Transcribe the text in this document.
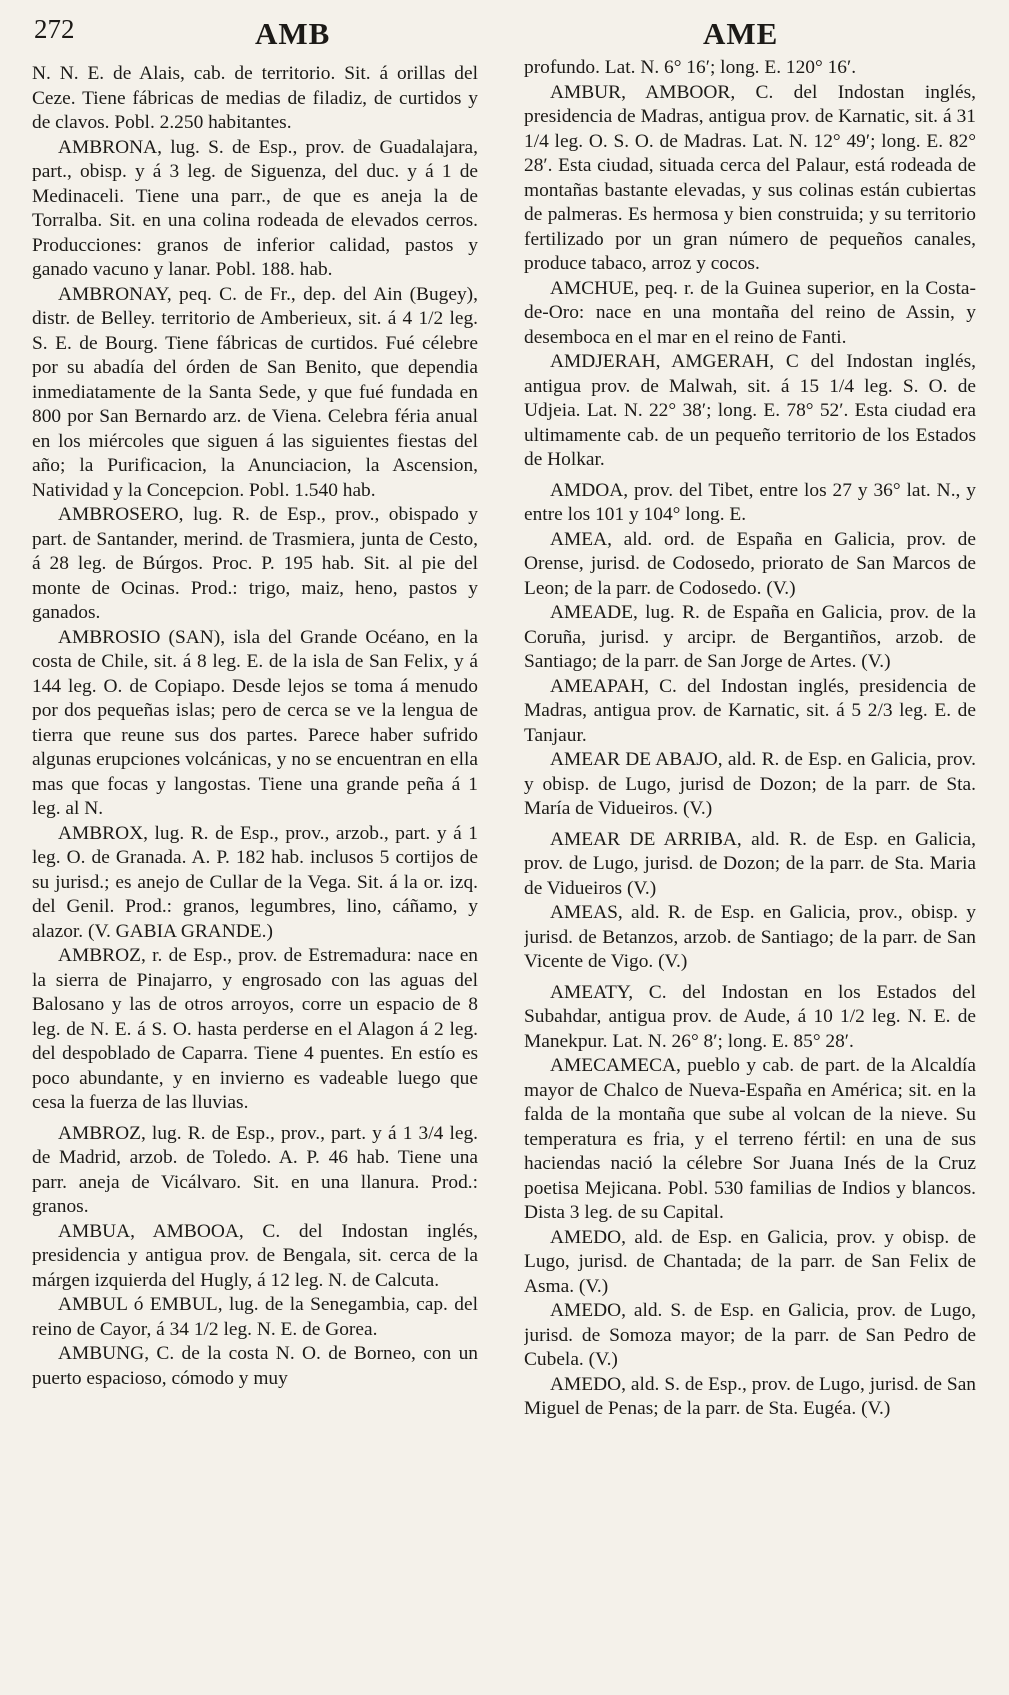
272	AMB	AME

N. N. E. de Alais, cab. de territorio. Sit. á orillas del Ceze. Tiene fábricas de medias de filadiz, de curtidos y de clavos. Pobl. 2.250 habitantes.

AMBRONA, lug. S. de Esp., prov. de Guadalajara, part., obisp. y á 3 leg. de Siguenza, del duc. y á 1 de Medinaceli. Tiene una parr., de que es aneja la de Torralba. Sit. en una colina rodeada de elevados cerros. Producciones: granos de inferior calidad, pastos y ganado vacuno y lanar. Pobl. 188. hab.

AMBRONAY, peq. C. de Fr., dep. del Ain (Bugey), distr. de Belley. territorio de Amberieux, sit. á 4 1/2 leg. S. E. de Bourg. Tiene fábricas de curtidos. Fué célebre por su abadía del órden de San Benito, que dependia inmediatamente de la Santa Sede, y que fué fundada en 800 por San Bernardo arz. de Viena. Celebra féria anual en los miércoles que siguen á las siguientes fiestas del año; la Purificacion, la Anunciacion, la Ascension, Natividad y la Concepcion. Pobl. 1.540 hab.

AMBROSERO, lug. R. de Esp., prov., obispado y part. de Santander, merind. de Trasmiera, junta de Cesto, á 28 leg. de Búrgos. Proc. P. 195 hab. Sit. al pie del monte de Ocinas. Prod.: trigo, maiz, heno, pastos y ganados.

AMBROSIO (SAN), isla del Grande Océano, en la costa de Chile, sit. á 8 leg. E. de la isla de San Felix, y á 144 leg. O. de Copiapo. Desde lejos se toma á menudo por dos pequeñas islas; pero de cerca se ve la lengua de tierra que reune sus dos partes. Parece haber sufrido algunas erupciones volcánicas, y no se encuentran en ella mas que focas y langostas. Tiene una grande peña á 1 leg. al N.

AMBROX, lug. R. de Esp., prov., arzob., part. y á 1 leg. O. de Granada. A. P. 182 hab. inclusos 5 cortijos de su jurisd.; es anejo de Cullar de la Vega. Sit. á la or. izq. del Genil. Prod.: granos, legumbres, lino, cáñamo, y alazor. (V. GABIA GRANDE.)

AMBROZ, r. de Esp., prov. de Estremadura: nace en la sierra de Pinajarro, y engrosado con las aguas del Balosano y las de otros arroyos, corre un espacio de 8 leg. de N. E. á S. O. hasta perderse en el Alagon á 2 leg. del despoblado de Caparra. Tiene 4 puentes. En estío es poco abundante, y en invierno es vadeable luego que cesa la fuerza de las lluvias.

AMBROZ, lug. R. de Esp., prov., part. y á 1 3/4 leg. de Madrid, arzob. de Toledo. A. P. 46 hab. Tiene una parr. aneja de Vicálvaro. Sit. en una llanura. Prod.: granos.

AMBUA, AMBOOA, C. del Indostan inglés, presidencia y antigua prov. de Bengala, sit. cerca de la márgen izquierda del Hugly, á 12 leg. N. de Calcuta.

AMBUL ó EMBUL, lug. de la Senegambia, cap. del reino de Cayor, á 34 1/2 leg. N. E. de Gorea.

AMBUNG, C. de la costa N. O. de Borneo, con un puerto espacioso, cómodo y muy

profundo. Lat. N. 6° 16′; long. E. 120° 16′.

AMBUR, AMBOOR, C. del Indostan inglés, presidencia de Madras, antigua prov. de Karnatic, sit. á 31 1/4 leg. O. S. O. de Madras. Lat. N. 12° 49′; long. E. 82° 28′. Esta ciudad, situada cerca del Palaur, está rodeada de montañas bastante elevadas, y sus colinas están cubiertas de palmeras. Es hermosa y bien construida; y su territorio fertilizado por un gran número de pequeños canales, produce tabaco, arroz y cocos.

AMCHUE, peq. r. de la Guinea superior, en la Costa-de-Oro: nace en una montaña del reino de Assin, y desemboca en el mar en el reino de Fanti.

AMDJERAH, AMGERAH, C del Indostan inglés, antigua prov. de Malwah, sit. á 15 1/4 leg. S. O. de Udjeia. Lat. N. 22° 38′; long. E. 78° 52′. Esta ciudad era ultimamente cab. de un pequeño territorio de los Estados de Holkar.

AMDOA, prov. del Tibet, entre los 27 y 36° lat. N., y entre los 101 y 104° long. E.

AMEA, ald. ord. de España en Galicia, prov. de Orense, jurisd. de Codosedo, priorato de San Marcos de Leon; de la parr. de Codosedo. (V.)

AMEADE, lug. R. de España en Galicia, prov. de la Coruña, jurisd. y arcipr. de Bergantiños, arzob. de Santiago; de la parr. de San Jorge de Artes. (V.)

AMEAPAH, C. del Indostan inglés, presidencia de Madras, antigua prov. de Karnatic, sit. á 5 2/3 leg. E. de Tanjaur.

AMEAR DE ABAJO, ald. R. de Esp. en Galicia, prov. y obisp. de Lugo, jurisd de Dozon; de la parr. de Sta. María de Vidueiros. (V.)

AMEAR DE ARRIBA, ald. R. de Esp. en Galicia, prov. de Lugo, jurisd. de Dozon; de la parr. de Sta. Maria de Vidueiros (V.)

AMEAS, ald. R. de Esp. en Galicia, prov., obisp. y jurisd. de Betanzos, arzob. de Santiago; de la parr. de San Vicente de Vigo. (V.)

AMEATY, C. del Indostan en los Estados del Subahdar, antigua prov. de Aude, á 10 1/2 leg. N. E. de Manekpur. Lat. N. 26° 8′; long. E. 85° 28′.

AMECAMECA, pueblo y cab. de part. de la Alcaldía mayor de Chalco de Nueva-España en América; sit. en la falda de la montaña que sube al volcan de la nieve. Su temperatura es fria, y el terreno fértil: en una de sus haciendas nació la célebre Sor Juana Inés de la Cruz poetisa Mejicana. Pobl. 530 familias de Indios y blancos. Dista 3 leg. de su Capital.

AMEDO, ald. de Esp. en Galicia, prov. y obisp. de Lugo, jurisd. de Chantada; de la parr. de San Felix de Asma. (V.)

AMEDO, ald. S. de Esp. en Galicia, prov. de Lugo, jurisd. de Somoza mayor; de la parr. de San Pedro de Cubela. (V.)

AMEDO, ald. S. de Esp., prov. de Lugo, jurisd. de San Miguel de Penas; de la parr. de Sta. Eugéa. (V.)
